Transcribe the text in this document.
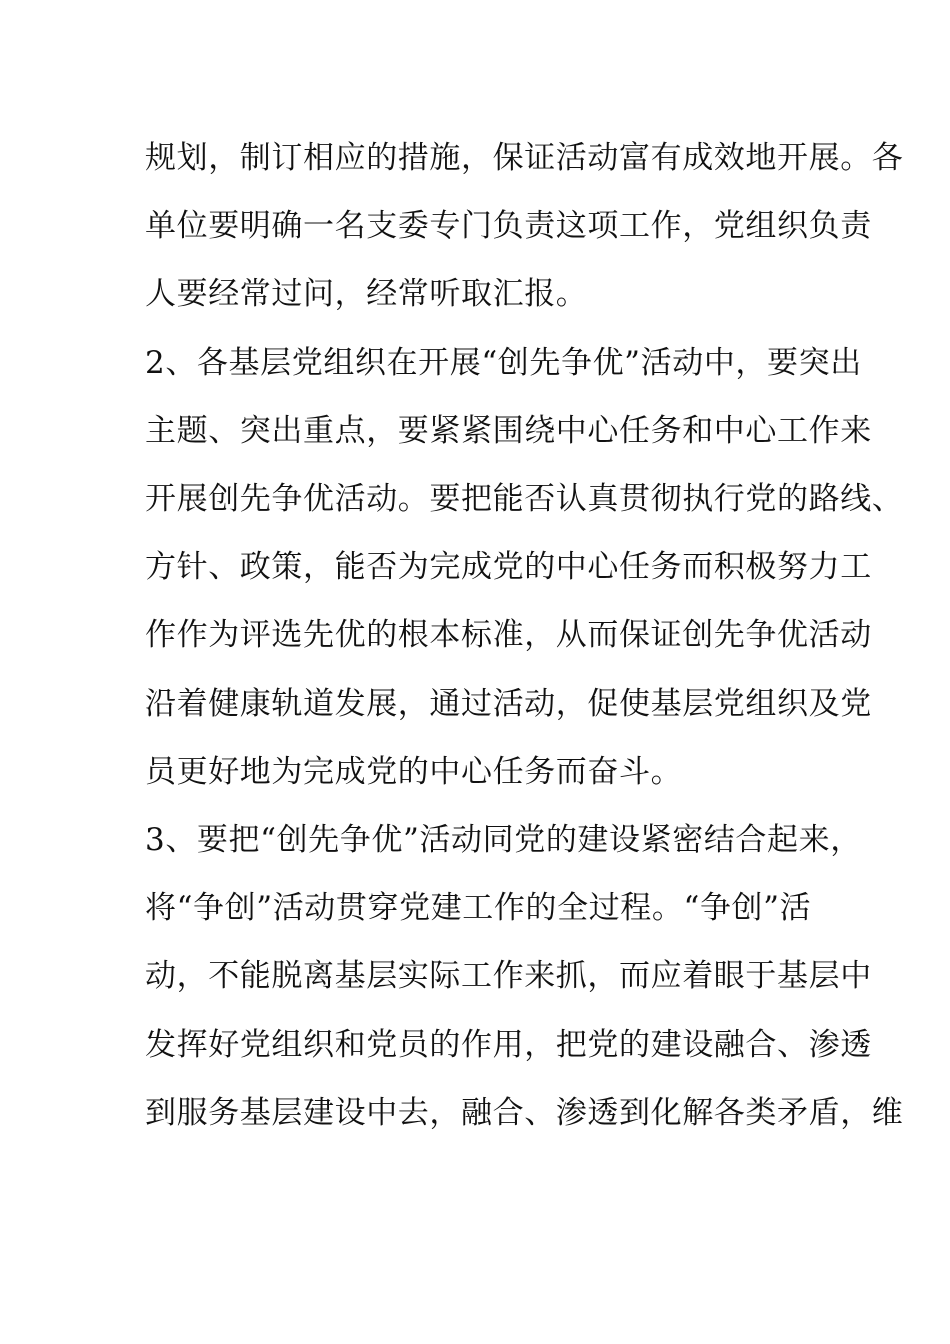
规划，制订相应的措施，保证活动富有成效地开展。各
单位要明确一名支委专门负责这项工作，党组织负责
人要经常过问，经常听取汇报。
2、各基层党组织在开展“创先争优”活动中，要突出
主题、突出重点，要紧紧围绕中心任务和中心工作来
开展创先争优活动。要把能否认真贯彻执行党的路线、
方针、政策，能否为完成党的中心任务而积极努力工
作作为评选先优的根本标准，从而保证创先争优活动
沿着健康轨道发展，通过活动，促使基层党组织及党
员更好地为完成党的中心任务而奋斗。
3、要把“创先争优”活动同党的建设紧密结合起来，
将“争创”活动贯穿党建工作的全过程。“争创”活
动，不能脱离基层实际工作来抓，而应着眼于基层中
发挥好党组织和党员的作用，把党的建设融合、渗透
到服务基层建设中去，融合、渗透到化解各类矛盾，维
